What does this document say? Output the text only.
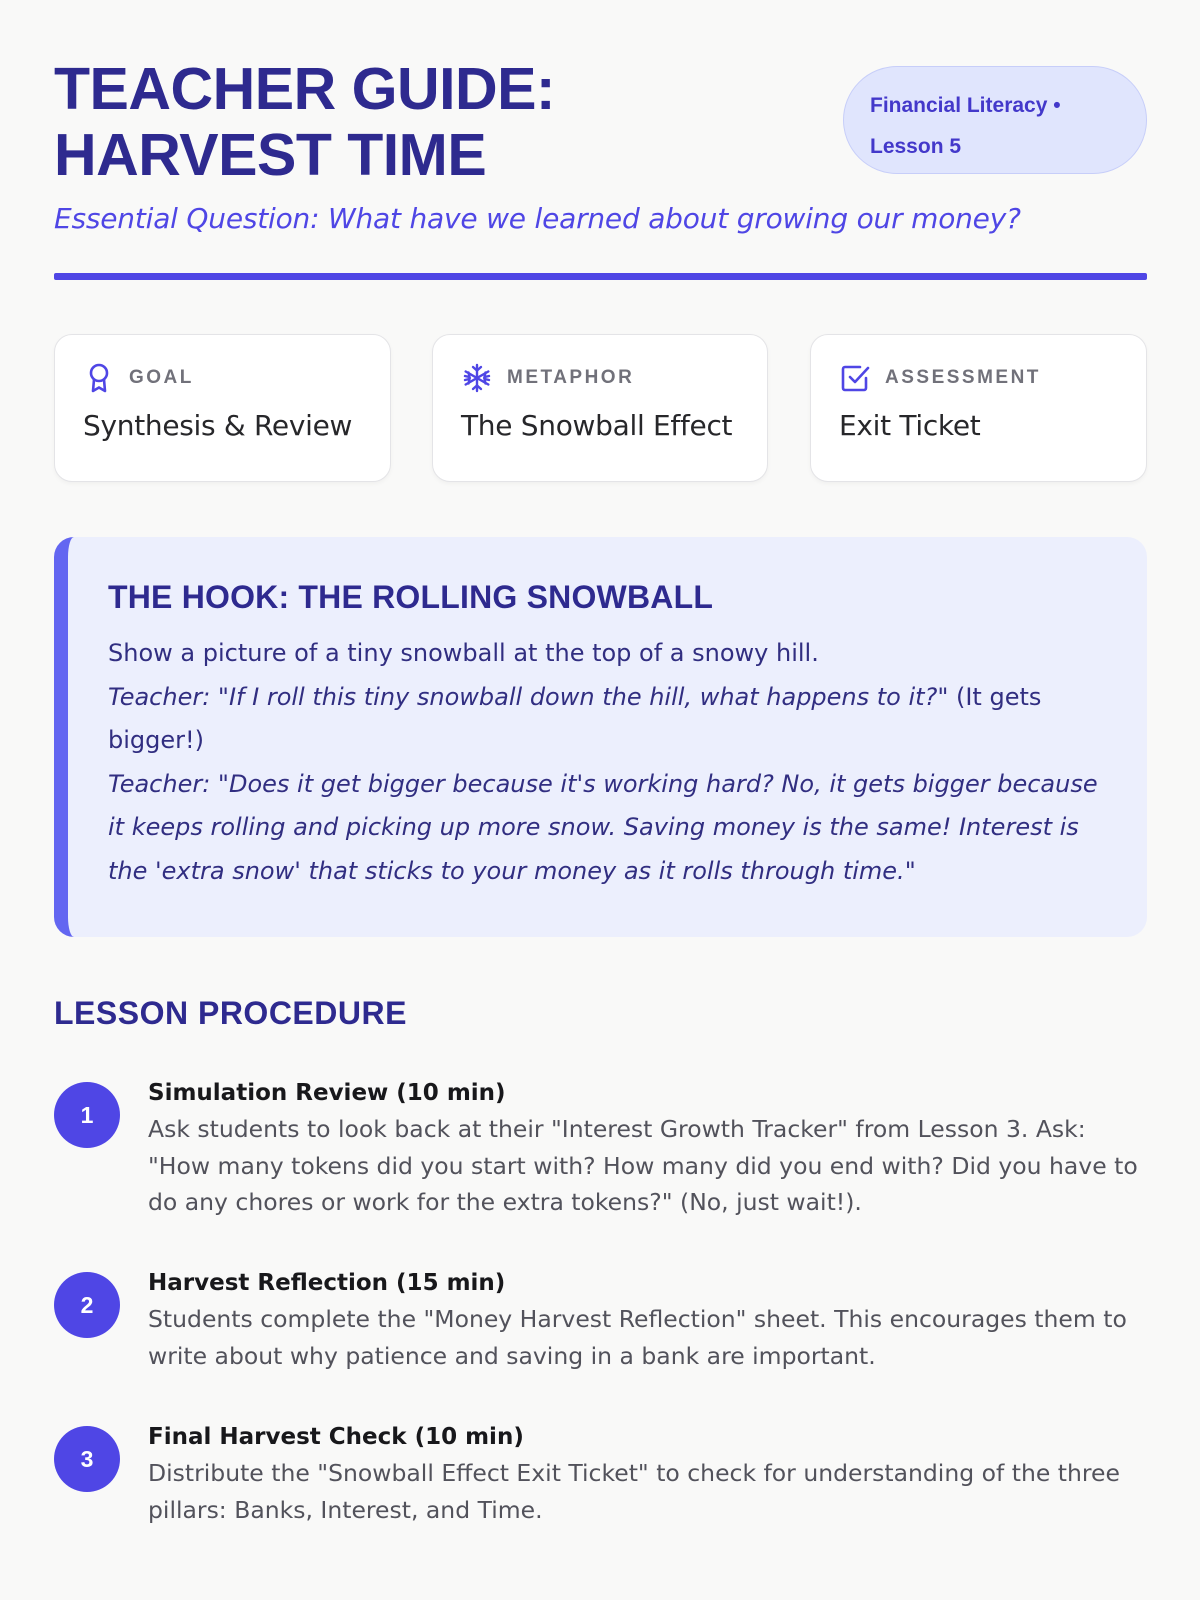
TEACHER GUIDE:
HARVEST TIME
Financial Literacy • Lesson 5

Essential Question: What have we learned about growing our money?

GOAL
Synthesis & Review
METAPHOR
The Snowball Effect
ASSESSMENT
Exit Ticket
THE HOOK: THE ROLLING SNOWBALL

Show a picture of a tiny snowball at the top of a snowy hill.
Teacher: "If I roll this tiny snowball down the hill, what happens to it?" (It gets bigger!)
Teacher: "Does it get bigger because it's working hard? No, it gets bigger because it keeps rolling and picking up more snow. Saving money is the same! Interest is the 'extra snow' that sticks to your money as it rolls through time."

LESSON PROCEDURE
1

Simulation Review (10 min)

Ask students to look back at their "Interest Growth Tracker" from Lesson 3. Ask: "How many tokens did you start with? How many did you end with? Did you have to do any chores or work for the extra tokens?" (No, just wait!).

2

Harvest Reflection (15 min)

Students complete the "Money Harvest Reflection" sheet. This encourages them to write about why patience and saving in a bank are important.

3

Final Harvest Check (10 min)

Distribute the "Snowball Effect Exit Ticket" to check for understanding of the three pillars: Banks, Interest, and Time.
